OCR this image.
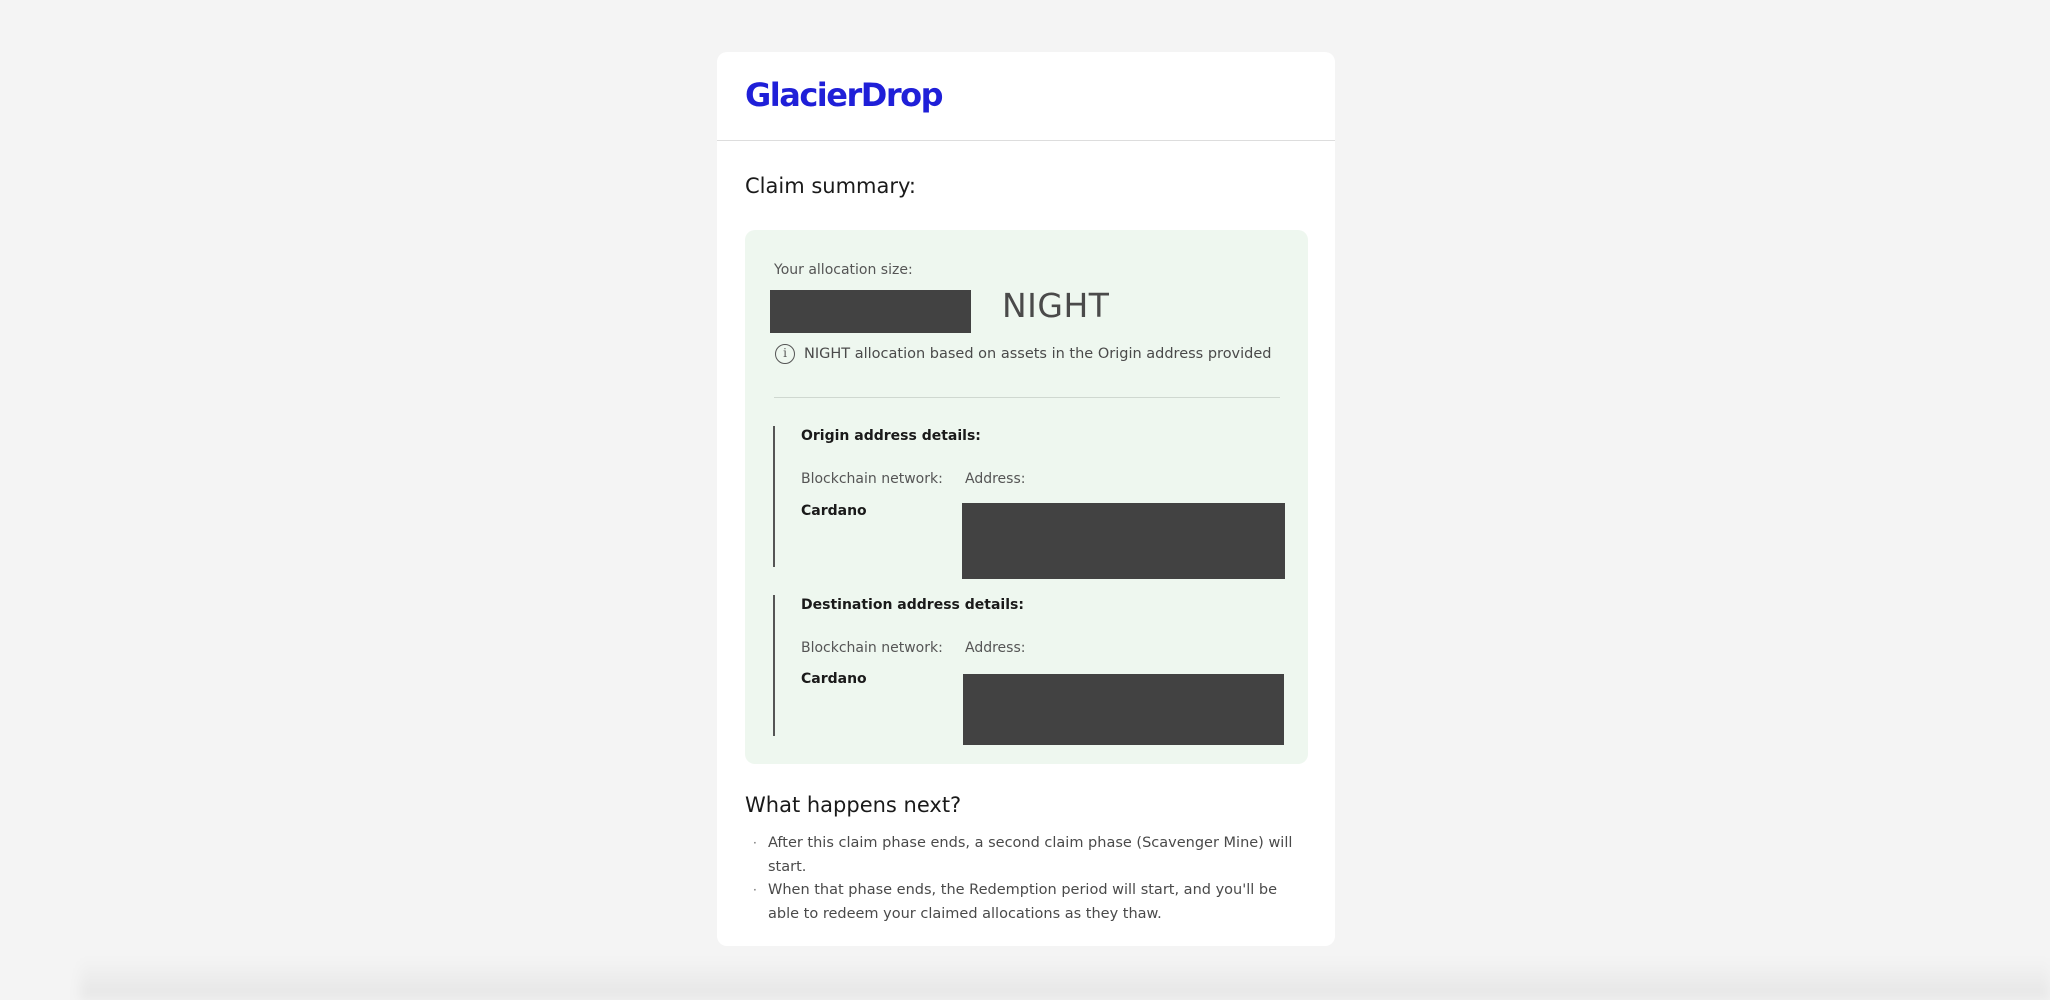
GlacierDrop
Claim summary:
Your allocation size:
NIGHT
i	NIGHT allocation based on assets in the Origin address provided
Origin address details:
Blockchain network: Address:
Cardano
Destination address details:
Blockchain network: Address:
Cardano
What happens next?
· After this claim phase ends, a second claim phase (Scavenger Mine) will start.
· When that phase ends, the Redemption period will start, and you'll be able to redeem your claimed allocations as they thaw.
